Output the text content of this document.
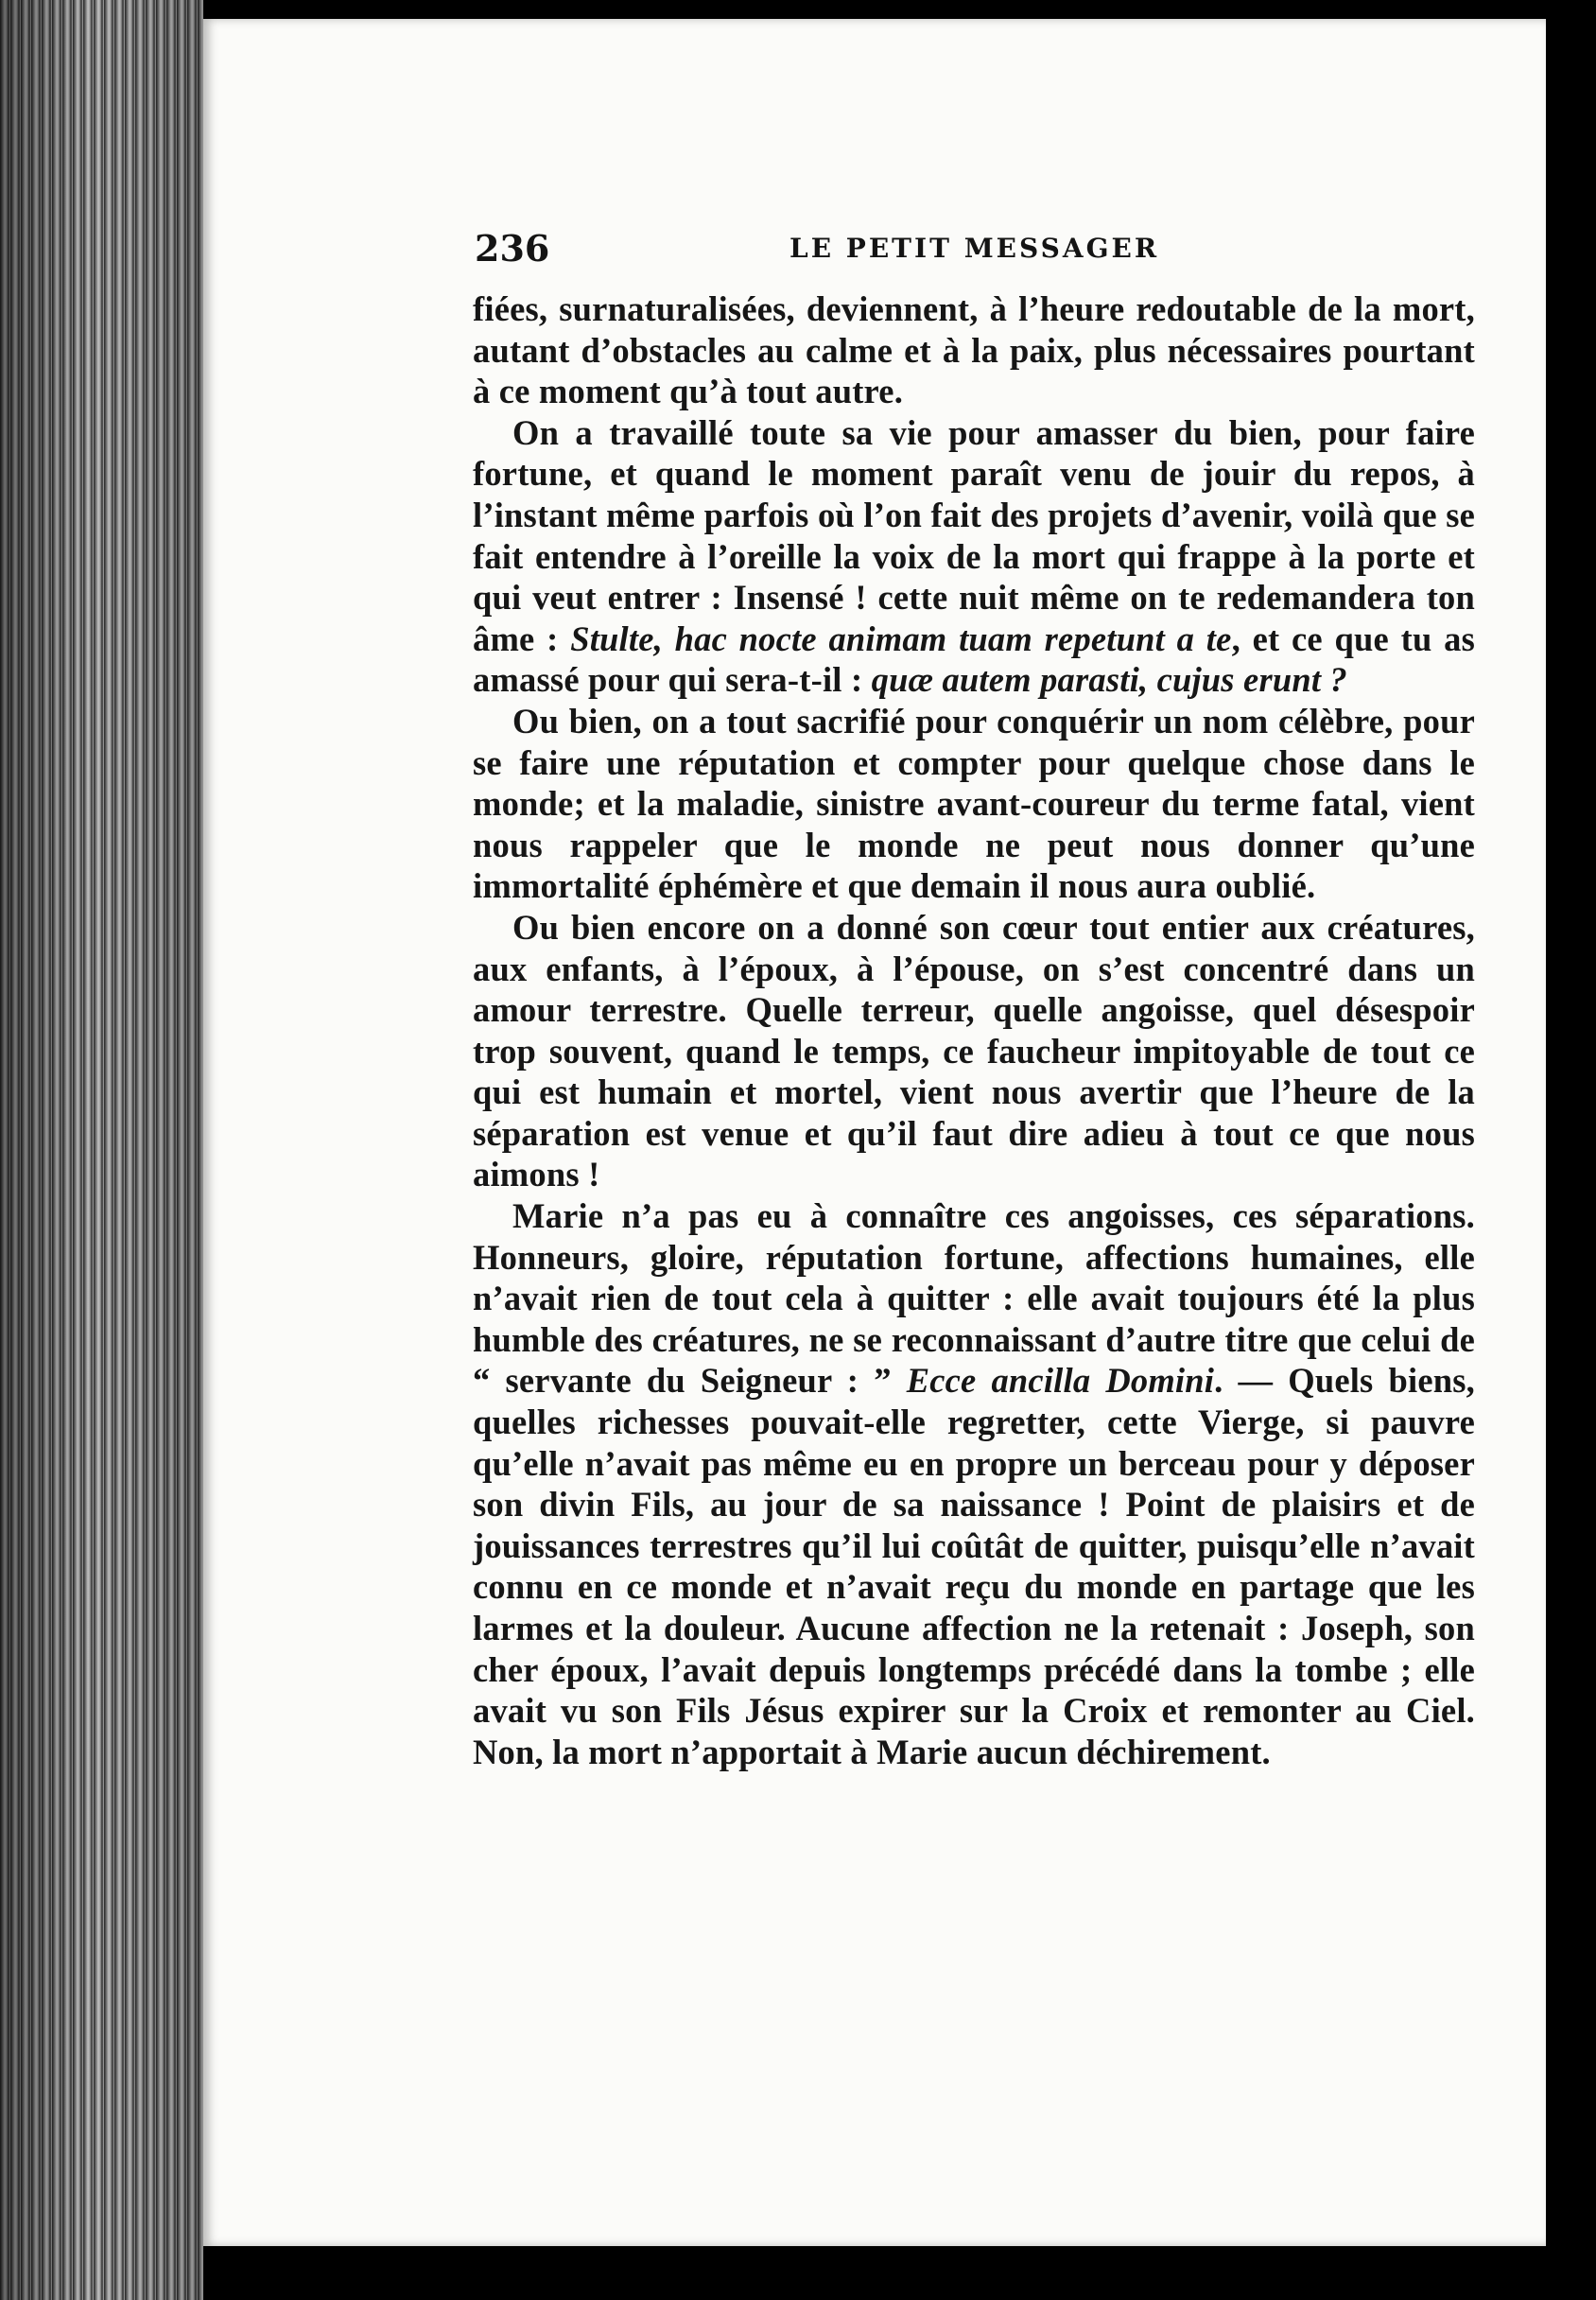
236	LE PETIT MESSAGER

fiées, surnaturalisées, deviennent, à l’heure redoutable de la mort, autant d’obstacles au calme et à la paix, plus nécessaires pourtant à ce moment qu’à tout autre.

On a travaillé toute sa vie pour amasser du bien, pour faire fortune, et quand le moment paraît venu de jouir du repos, à l’instant même parfois où l’on fait des projets d’avenir, voilà que se fait entendre à l’oreille la voix de la mort qui frappe à la porte et qui veut entrer : Insensé ! cette nuit même on te redemandera ton âme : Stulte, hac nocte animam tuam repetunt a te, et ce que tu as amassé pour qui sera-t-il : quæ autem parasti, cujus erunt ?

Ou bien, on a tout sacrifié pour conquérir un nom célèbre, pour se faire une réputation et compter pour quelque chose dans le monde; et la maladie, sinistre avant-coureur du terme fatal, vient nous rappeler que le monde ne peut nous donner qu’une immortalité éphémère et que demain il nous aura oublié.

Ou bien encore on a donné son cœur tout entier aux créatures, aux enfants, à l’époux, à l’épouse, on s’est concentré dans un amour terrestre. Quelle terreur, quelle angoisse, quel désespoir trop souvent, quand le temps, ce faucheur impitoyable de tout ce qui est humain et mortel, vient nous avertir que l’heure de la séparation est venue et qu’il faut dire adieu à tout ce que nous aimons !

Marie n’a pas eu à connaître ces angoisses, ces séparations. Honneurs, gloire, réputation fortune, affections humaines, elle n’avait rien de tout cela à quitter : elle avait toujours été la plus humble des créatures, ne se reconnaissant d’autre titre que celui de “ servante du Seigneur : ” Ecce ancilla Domini. — Quels biens, quelles richesses pouvait-elle regretter, cette Vierge, si pauvre qu’elle n’avait pas même eu en propre un berceau pour y déposer son divin Fils, au jour de sa naissance ! Point de plaisirs et de jouissances terrestres qu’il lui coûtât de quitter, puisqu’elle n’avait connu en ce monde et n’avait reçu du monde en partage que les larmes et la douleur. Aucune affection ne la retenait : Joseph, son cher époux, l’avait depuis longtemps précédé dans la tombe ; elle avait vu son Fils Jésus expirer sur la Croix et remonter au Ciel. Non, la mort n’apportait à Marie aucun déchirement.
